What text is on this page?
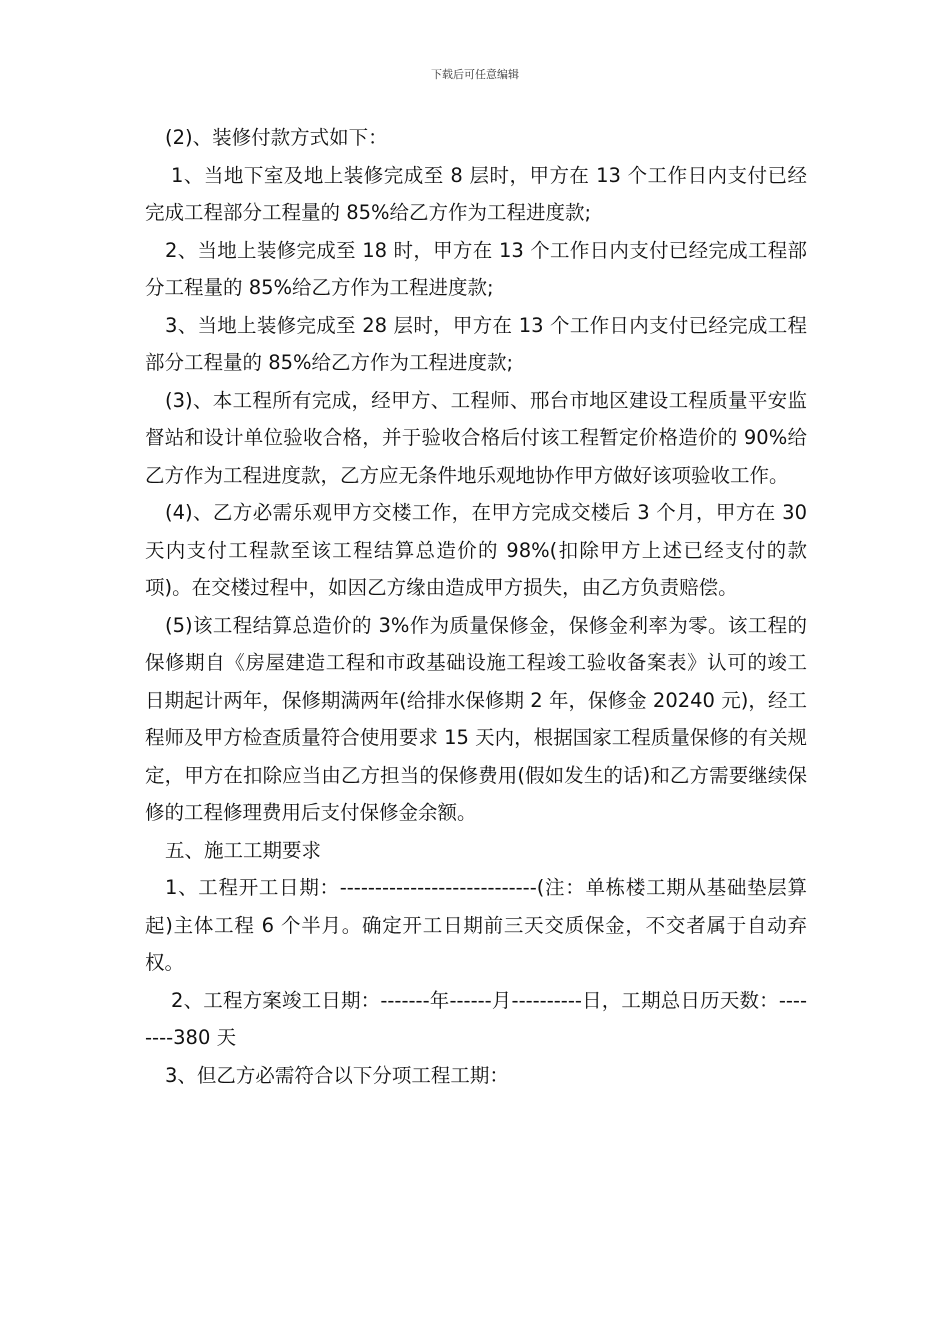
下载后可任意编辑

(2)、装修付款方式如下：

1、当地下室及地上装修完成至 8 层时，甲方在 13 个工作日内支付已经完成工程部分工程量的 85%给乙方作为工程进度款;

2、当地上装修完成至 18 时，甲方在 13 个工作日内支付已经完成工程部分工程量的 85%给乙方作为工程进度款;

3、当地上装修完成至 28 层时，甲方在 13 个工作日内支付已经完成工程部分工程量的 85%给乙方作为工程进度款;

(3)、本工程所有完成，经甲方、工程师、邢台市地区建设工程质量平安监督站和设计单位验收合格，并于验收合格后付该工程暂定价格造价的 90%给乙方作为工程进度款，乙方应无条件地乐观地协作甲方做好该项验收工作。

(4)、乙方必需乐观甲方交楼工作，在甲方完成交楼后 3 个月，甲方在 30 天内支付工程款至该工程结算总造价的 98%(扣除甲方上述已经支付的款项)。在交楼过程中，如因乙方缘由造成甲方损失，由乙方负责赔偿。

(5)该工程结算总造价的 3%作为质量保修金，保修金利率为零。该工程的保修期自《房屋建造工程和市政基础设施工程竣工验收备案表》认可的竣工日期起计两年，保修期满两年(给排水保修期 2 年，保修金 20240 元)，经工程师及甲方检查质量符合使用要求 15 天内，根据国家工程质量保修的有关规定，甲方在扣除应当由乙方担当的保修费用(假如发生的话)和乙方需要继续保修的工程修理费用后支付保修金余额。

五、施工工期要求

1、工程开工日期：----------------------------(注：单栋楼工期从基础垫层算起)主体工程 6 个半月。确定开工日期前三天交质保金，不交者属于自动弃权。

2、工程方案竣工日期：-------年------月----------日，工期总日历天数：--------380 天

3、但乙方必需符合以下分项工程工期：
